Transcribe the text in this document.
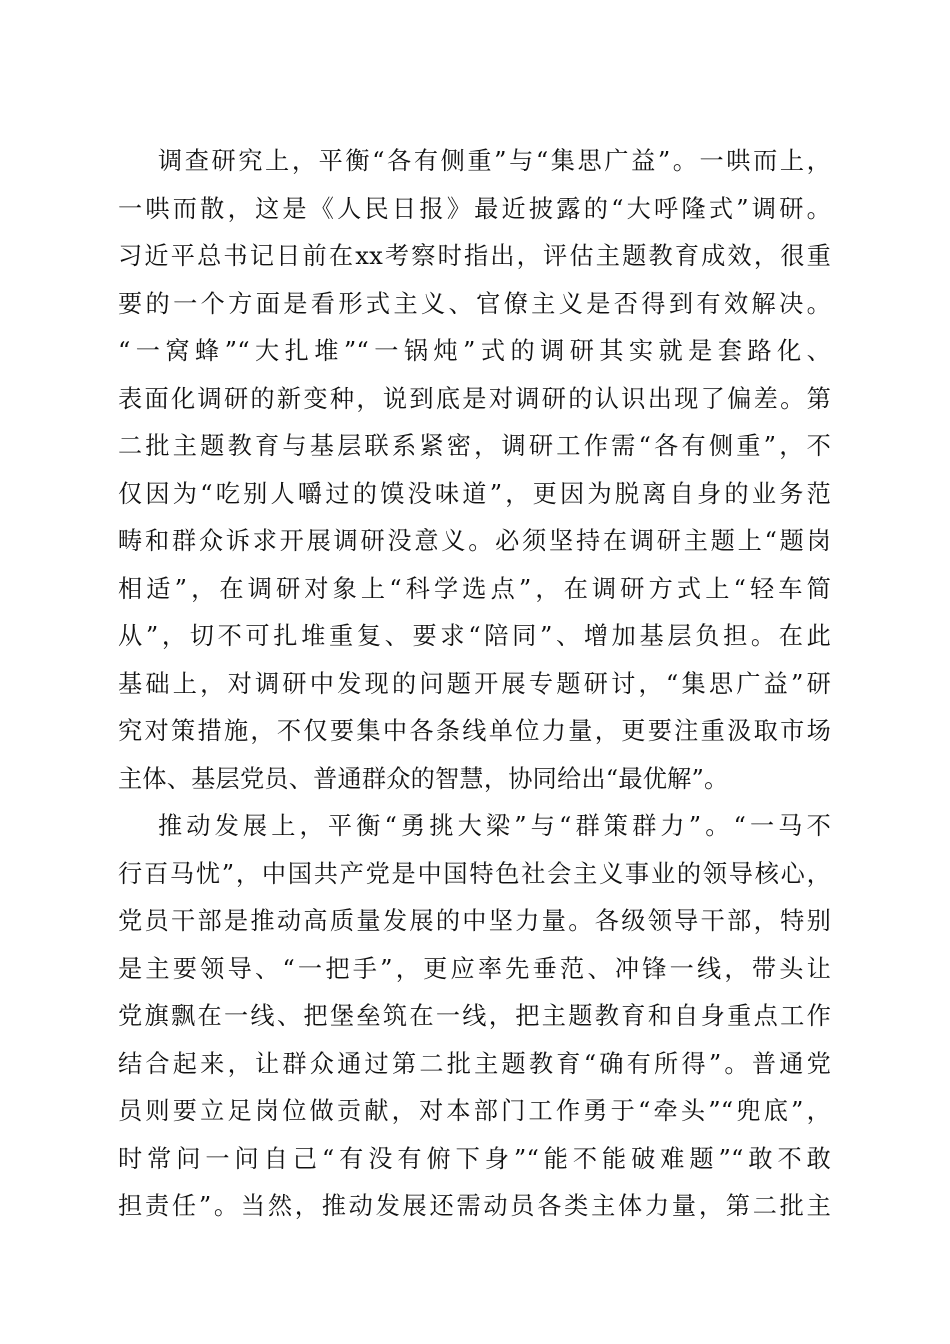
调查研究上，平衡“各有侧重”与“集思广益”。一哄而上，
一哄而散，这是《人民日报》最近披露的“大呼隆式”调研。
习近平总书记日前在xx考察时指出，评估主题教育成效，很重
要的一个方面是看形式主义、官僚主义是否得到有效解决。
“一窝蜂”“大扎堆”“一锅炖”式的调研其实就是套路化、
表面化调研的新变种，说到底是对调研的认识出现了偏差。第
二批主题教育与基层联系紧密，调研工作需“各有侧重”，不
仅因为“吃别人嚼过的馍没味道”，更因为脱离自身的业务范
畴和群众诉求开展调研没意义。必须坚持在调研主题上“题岗
相适”，在调研对象上“科学选点”，在调研方式上“轻车简
从”，切不可扎堆重复、要求“陪同”、增加基层负担。在此
基础上，对调研中发现的问题开展专题研讨，“集思广益”研
究对策措施，不仅要集中各条线单位力量，更要注重汲取市场
主体、基层党员、普通群众的智慧，协同给出“最优解”。
推动发展上，平衡“勇挑大梁”与“群策群力”。“一马不
行百马忧”，中国共产党是中国特色社会主义事业的领导核心，
党员干部是推动高质量发展的中坚力量。各级领导干部，特别
是主要领导、“一把手”，更应率先垂范、冲锋一线，带头让
党旗飘在一线、把堡垒筑在一线，把主题教育和自身重点工作
结合起来，让群众通过第二批主题教育“确有所得”。普通党
员则要立足岗位做贡献，对本部门工作勇于“牵头”“兜底”，
时常问一问自己“有没有俯下身”“能不能破难题”“敢不敢
担责任”。当然，推动发展还需动员各类主体力量，第二批主
